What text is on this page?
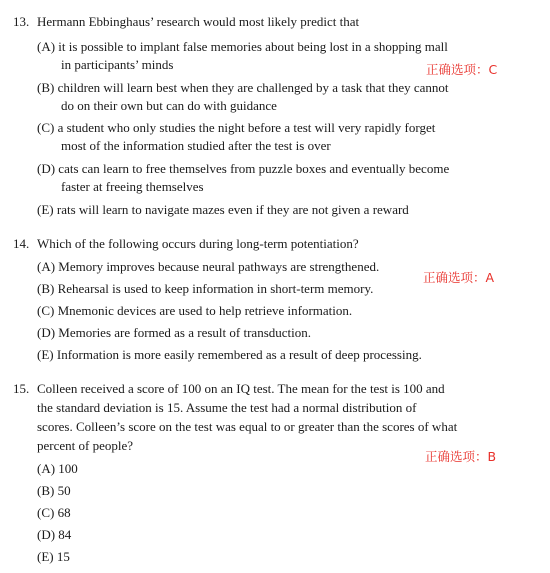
13. Hermann Ebbinghaus’ research would most likely predict that
(A) it is possible to implant false memories about being lost in a shopping mall
in participants’ minds
(B) children will learn best when they are challenged by a task that they cannot
do on their own but can do with guidance
(C) a student who only studies the night before a test will very rapidly forget
most of the information studied after the test is over
(D) cats can learn to free themselves from puzzle boxes and eventually become
faster at freeing themselves
(E) rats will learn to navigate mazes even if they are not given a reward
正确选项：C
14. Which of the following occurs during long-term potentiation?
(A) Memory improves because neural pathways are strengthened.
(B) Rehearsal is used to keep information in short-term memory.
(C) Mnemonic devices are used to help retrieve information.
(D) Memories are formed as a result of transduction.
(E) Information is more easily remembered as a result of deep processing.
正确选项：A
15. Colleen received a score of 100 on an IQ test. The mean for the test is 100 and
the standard deviation is 15. Assume the test had a normal distribution of
scores. Colleen’s score on the test was equal to or greater than the scores of what
percent of people?
(A) 100
(B) 50
(C) 68
(D) 84
(E) 15
正确选项：B
